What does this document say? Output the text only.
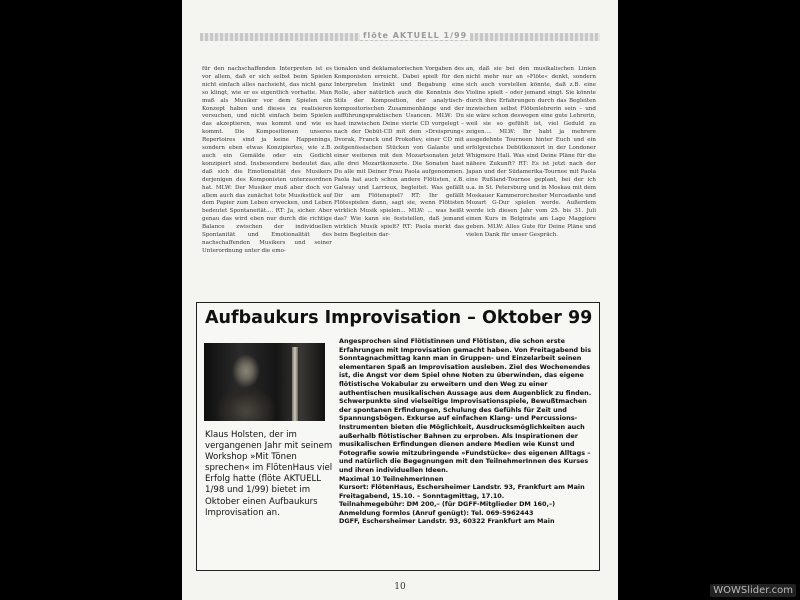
flöte AKTUELL 1/99

für den nachschaffenden Interpreten ist es vor allem, daß er sich selbst beim Spielen nicht einfach alles nachsieht, das nicht ganz so klingt, wie er es eigentlich vorhatte. Man muß als Musiker vor dem Spielen ein Konzept haben und dieses zu realisieren versuchen, und nicht einfach beim Spielen das akzeptieren, was kommt und wie es kommt. Die Kompositionen unseres Repertoires sind ja keine Happenings, sondern eben etwas Konzipiertes, wie z.B. auch ein Gemälde oder ein Gedicht konzipiert sind. Insbesondere bedeutet das, daß sich die Emotionalität des Musikers derjenigen des Komponisten unterzuordnen hat. MLW: Der Musiker muß aber doch vor allem auch das zunächst tote Musikstück auf dem Papier zum Leben erwecken, und Leben bedeutet Spontaneität.... RT: Ja, sicher. Aber genau das wird eben nur durch die richtige Balance zwischen der individuellen Spontanität und Emotionalität des nachschaffenden Musikers und seiner Unterordnung unter die emo-

tionalen und deklamatorischen Vorgaben des Komponisten erreicht. Dabei spielt für den Interpreten Instinkt und Begabung eine Rolle, aber natürlich auch die Kenntnis des Stils der Komposition, der analytisch-kompositorischen Zusammenhänge und der aufführungspraktischen Usancen. MLW: Du hast inzwischen Deine vierte CD vorgelegt – nach der Debüt-CD mit dem »Dreisprung« Dvorak, Franck und Prokofiev, einer CD mit zeitgenössischen Stücken von Galante und einer weiteren mit den Mozartsonaten jetzt alle drei Mozartkonzerte. Die Sonaten hast Du alle mit Deiner Frau Paola aufgenommen. Paola hat auch schon andere Flötisten, z.B. Galway und Larrieux, begleitet. Was gefällt Dir am Flötenspiel? RT: Ihr gefällt Flötespielen dann, sagt sie, wenn Flötisten wirklich Musik spielen... MLW: ... was heißt das? Wie kann sie feststellen, daß jemand wirklich Musik spielt? RT: Paola merkt das beim Begleiten dar-

an, daß sie bei den musikalischen Linien nicht mehr nur an »Flöte« denkt, sondern sich auch vorstellen könnte, daß z.B. eine Violine spielt – oder jemand singt. Sie könnte durch ihre Erfahrungen durch das Begleiten inzwischen selbst Flötenlehrerin sein – und sie wäre schon deswegen eine gute Lehrerin, weil sie so gefühlt ist, viel Geduld zu zeigen.... MLW: Ihr habt ja mehrere ausgedehnte Tourneen hinter Euch und ein erfolgreiches Debütkonzert in der Londoner Whigmore Hall. Was sind Deine Pläne für die nähere Zukunft? RT: Es ist jetzt nach der Japan und der Südamerika-Tournee mit Paola eine Rußland-Tournee geplant, bei der ich u.a. in St. Petersburg und in Moskau mit dem Moskauer Kammerorchester Mercadante und Mozart G-Dur spielen werde. Außerdem werde ich diesen Jahr vom 25. bis 31. Juli einen Kurs in Belgirate am Lago Maggiore geben. MLW: Alles Gute für Deine Pläne und vielen Dank für unser Gespräch.

Aufbaukurs Improvisation – Oktober 99

Klaus Holsten, der im vergangenen Jahr mit seinem Workshop »Mit Tönen sprechen« im FlötenHaus viel Erfolg hatte (flöte AKTUELL 1/98 und 1/99) bietet im Oktober einen Aufbaukurs Improvisation an.

Angesprochen sind Flötistinnen und Flötisten, die schon erste Erfahrungen mit Improvisation gemacht haben. Von Freitagabend bis Sonntagnachmittag kann man in Gruppen- und Einzelarbeit seinen elementaren Spaß an Improvisation ausleben. Ziel des Wochenendes ist, die Angst vor dem Spiel ohne Noten zu überwinden, das eigene flötistische Vokabular zu erweitern und den Weg zu einer authentischen musikalischen Aussage aus dem Augenblick zu finden. Schwerpunkte sind vielseitige Improvisationsspiele, Bewußtmachen der spontanen Erfindungen, Schulung des Gefühls für Zeit und Spannungsbögen. Exkurse auf einfachen Klang- und Percussions-Instrumenten bieten die Möglichkeit, Ausdrucksmöglichkeiten auch außerhalb flötistischer Bahnen zu erproben. Als Inspirationen der musikalischen Erfindungen dienen andere Medien wie Kunst und Fotografie sowie mitzubringende »Fundstücke« des eigenen Alltags – und natürlich die Begegnungen mit den TeilnehmerInnen des Kurses und ihren individuellen Ideen.

Maximal 10 TeilnehmerInnen

Kursort: FlötenHaus, Eschersheimer Landstr. 93, Frankfurt am Main

Freitagabend, 15.10. – Sonntagmittag, 17.10.

Teilnahmegebühr: DM 200,– (für DGFF-Mitglieder DM 160,–)

Anmeldung formlos (Anruf genügt): Tel. 069-5962443

DGFF, Eschersheimer Landstr. 93, 60322 Frankfurt am Main

10	WOWSlider.com
